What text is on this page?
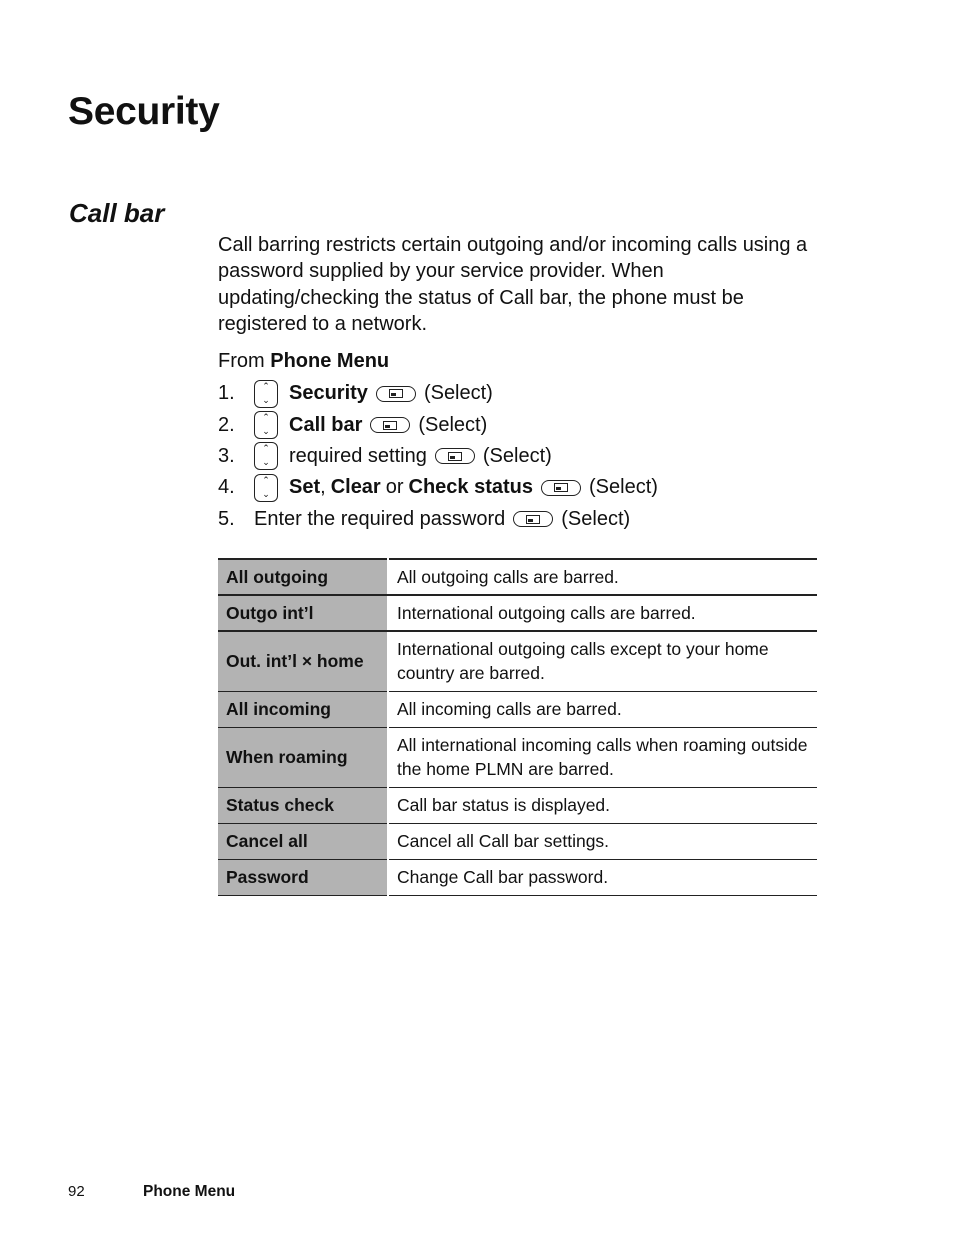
Security
Call bar

Call barring restricts certain outgoing and/or incoming calls using a password supplied by your service provider. When updating/checking the status of Call bar, the phone must be registered to a network.

From Phone Menu

1.	⌃
⌄ Security	(Select)
2.	⌃
⌄ Call bar	(Select)
3.	⌃
⌄ required setting	(Select)
4.	⌃
⌄ Set , Clear or Check status	(Select)
5. Enter the required password	(Select)
All outgoing	All outgoing calls are barred.
Outgo int’l	International outgoing calls are barred.
Out. int’l × home	International outgoing calls except to your home country are barred.
All incoming	All incoming calls are barred.
When roaming	All international incoming calls when roaming outside the home PLMN are barred.
Status check	Call bar status is displayed.
Cancel all	Cancel all Call bar settings.
Password	Change Call bar password.
92	Phone Menu
